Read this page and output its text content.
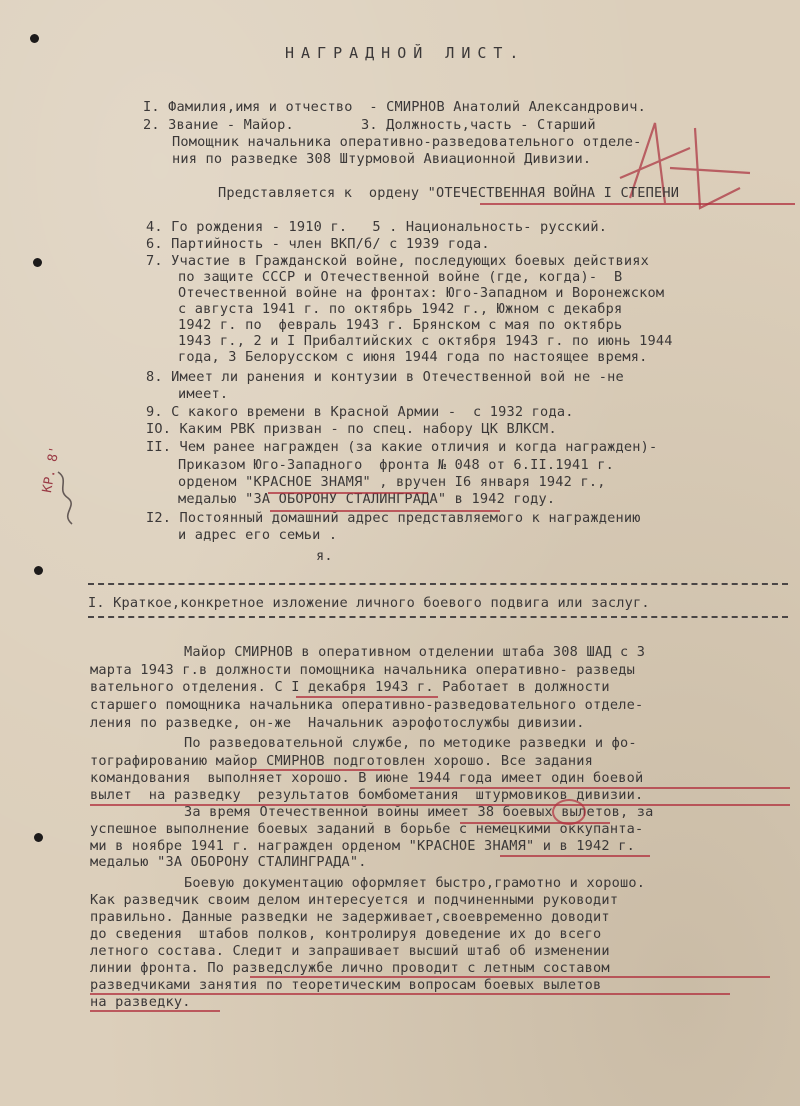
НАГРАДНОЙ ЛИСТ.
I. Фамилия,имя и отчество  - СМИРНОВ Анатолий Александрович.
2. Звание - Майор.        3. Должность,часть - Старший
Помощник начальника оперативно-разведовательного отделе-
ния по разведке 308 Штурмовой Авиационной Дивизии.
Представляется к  ордену "ОТЕЧЕСТВЕННАЯ ВОЙНА I СТЕПЕНИ
4. Го рождения - 1910 г.   5 . Национальность- русский.
6. Партийность - член ВКП/б/ с 1939 года.
7. Участие в Гражданской войне, последующих боевых действиях
по защите СССР и Отечественной войне (где, когда)-  В
Отечественной войне на фронтах: Юго-Западном и Воронежском
с августа 1941 г. по октябрь 1942 г., Южном с декабря
1942 г. по  февраль 1943 г. Брянском с мая по октябрь
1943 г., 2 и I Прибалтийских с октября 1943 г. по июнь 1944
года, 3 Белорусском с июня 1944 года по настоящее время.
8. Имеет ли ранения и контузии в Отечественной вой не -не
имеет.
9. С какого времени в Красной Армии -  с 1932 года.
IO. Каким РВК призван - по спец. набору ЦК ВЛКСМ.
II. Чем ранее награжден (за какие отличия и когда награжден)-
Приказом Юго-Западного  фронта № 048 от 6.II.1941 г.
орденом "КРАСНОЕ ЗНАМЯ" , вручен I6 января 1942 г.,
медалью "ЗА ОБОРОНУ СТАЛИНГРАДА" в 1942 году.
I2. Постоянный домашний адрес представляемого к награждению
и адрес его семьи .
я.
КР. 8'
I. Краткое,конкретное изложение личного боевого подвига или заслуг.
Майор СМИРНОВ в оперативном отделении штаба 308 ШАД с 3
марта 1943 г.в должности помощника начальника оперативно- разведы
вательного отделения. С I декабря 1943 г. Работает в должности
старшего помощника начальника оперативно-разведовательного отделе-
ления по разведке, он-же  Начальник аэрофотослужбы дивизии.
По разведовательной службе, по методике разведки и фо-
тографированию майор СМИРНОВ подготовлен хорошо. Все задания
командования  выполняет хорошо. В июне 1944 года имеет один боевой
вылет  на разведку  результатов бомбометания  штурмовиков дивизии.
За время Отечественной войны имеет 38 боевых вылетов, за
успешное выполнение боевых заданий в борьбе с немецкими оккупанта-
ми в ноябре 1941 г. награжден орденом "КРАСНОЕ ЗНАМЯ" и в 1942 г.
медалью "ЗА ОБОРОНУ СТАЛИНГРАДА".
Боевую документацию оформляет быстро,грамотно и хорошо.
Как разведчик своим делом интересуется и подчиненными руководит
правильно. Данные разведки не задерживает,своевременно доводит
до сведения  штабов полков, контролируя доведение их до всего
летного состава. Следит и запрашивает высший штаб об изменении
линии фронта. По разведслужбе лично проводит с летным составом
разведчиками занятия по теоретическим вопросам боевых вылетов
на разведку.
